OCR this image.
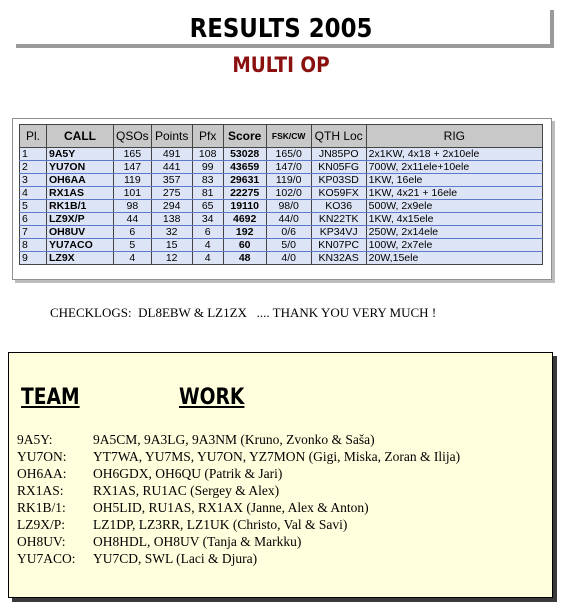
RESULTS 2005
MULTI OP
Pl.	CALL	QSOs	Points	Pfx	Score	FSK/CW	QTH Loc	RIG
1	9A5Y	165	491	108	53028	165/0	JN85PO	2x1KW, 4x18 + 2x10ele
2	YU7ON	147	441	99	43659	147/0	KN05FG	700W, 2x11ele+10ele
3	OH6AA	119	357	83	29631	119/0	KP03SD	1KW, 16ele
4	RX1AS	101	275	81	22275	102/0	KO59FX	1KW, 4x21 + 16ele
5	RK1B/1	98	294	65	19110	98/0	KO36	500W, 2x9ele
6	LZ9X/P	44	138	34	4692	44/0	KN22TK	1KW, 4x15ele
7	OH8UV	6	32	6	192	0/6	KP34VJ	250W, 2x14ele
8	YU7ACO	5	15	4	60	5/0	KN07PC	100W, 2x7ele
9	LZ9X	4	12	4	48	4/0	KN32AS	20W,15ele
CHECKLOGS:  DL8EBW & LZ1ZX   .... THANK YOU VERY MUCH !
TEAM	WORK
9A5Y:	9A5CM, 9A3LG, 9A3NM (Kruno, Zvonko & Saša)
YU7ON: YT7WA, YU7MS, YU7ON, YZ7MON (Gigi, Miska, Zoran & Ilija)
OH6AA: OH6GDX, OH6QU (Patrik & Jari)
RX1AS: RX1AS, RU1AC (Sergey & Alex)
RK1B/1: OH5LID, RU1AS, RX1AX (Janne, Alex & Anton)
LZ9X/P: LZ1DP, LZ3RR, LZ1UK (Christo, Val & Savi)
OH8UV: OH8HDL, OH8UV (Tanja & Markku)
YU7ACO: YU7CD, SWL (Laci & Djura)
